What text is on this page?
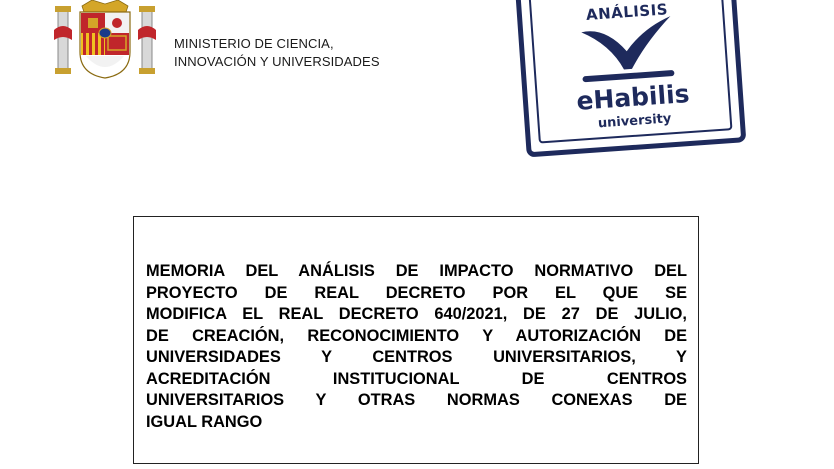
MINISTERIO DE CIENCIA,
INNOVACIÓN Y UNIVERSIDADES
ANÁLISIS
eHabilis
university
MEMORIA DEL ANÁLISIS DE IMPACTO NORMATIVO DEL
PROYECTO DE REAL DECRETO POR EL QUE SE
MODIFICA EL REAL DECRETO 640/2021, DE 27 DE JULIO,
DE CREACIÓN, RECONOCIMIENTO Y AUTORIZACIÓN DE
UNIVERSIDADES Y CENTROS UNIVERSITARIOS, Y
ACREDITACIÓN INSTITUCIONAL DE CENTROS
UNIVERSITARIOS Y OTRAS NORMAS CONEXAS DE
IGUAL RANGO
